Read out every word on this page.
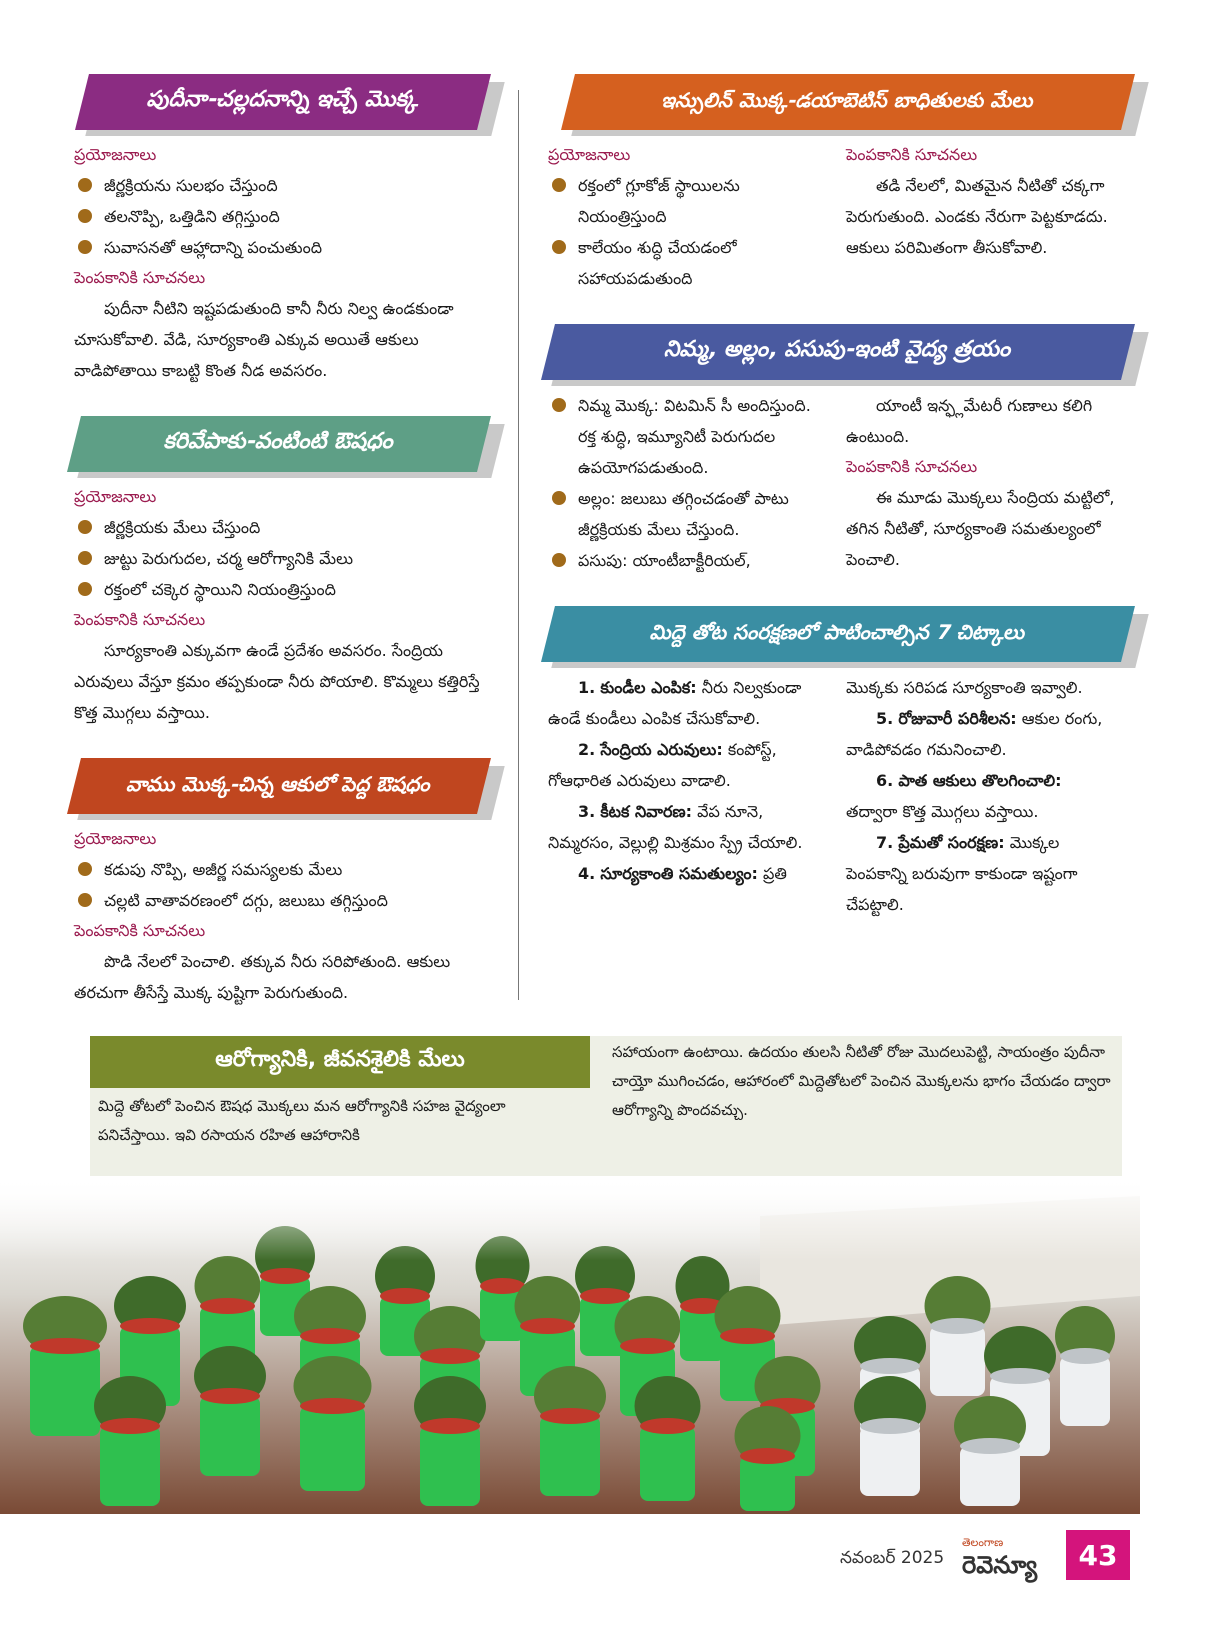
పుదీనా-చల్లదనాన్ని ఇచ్చే మొక్క
ప్రయోజనాలు
జీర్ణక్రియను సులభం చేస్తుంది
తలనొప్పి, ఒత్తిడిని తగ్గిస్తుంది
సువాసనతో ఆహ్లాదాన్ని పంచుతుంది
పెంపకానికి సూచనలు
పుదీనా నీటిని ఇష్టపడుతుంది కానీ నీరు నిల్వ ఉండకుండా చూసుకోవాలి. వేడి, సూర్యకాంతి ఎక్కువ అయితే ఆకులు వాడిపోతాయి కాబట్టి కొంత నీడ అవసరం.
కరివేపాకు-వంటింటి ఔషధం
ప్రయోజనాలు
జీర్ణక్రియకు మేలు చేస్తుంది
జుట్టు పెరుగుదల, చర్మ ఆరోగ్యానికి మేలు
రక్తంలో చక్కెర స్థాయిని నియంత్రిస్తుంది
పెంపకానికి సూచనలు
సూర్యకాంతి ఎక్కువగా ఉండే ప్రదేశం అవసరం. సేంద్రియ ఎరువులు వేస్తూ క్రమం తప్పకుండా నీరు పోయాలి. కొమ్మలు కత్తిరిస్తే కొత్త మొగ్గలు వస్తాయి.
వాము మొక్క-చిన్న ఆకులో పెద్ద ఔషధం
ప్రయోజనాలు
కడుపు నొప్పి, అజీర్ణ సమస్యలకు మేలు
చల్లటి వాతావరణంలో దగ్గు, జలుబు తగ్గిస్తుంది
పెంపకానికి సూచనలు
పొడి నేలలో పెంచాలి. తక్కువ నీరు సరిపోతుంది. ఆకులు తరచుగా తీసేస్తే మొక్క పుష్టిగా పెరుగుతుంది.
ఇన్సులిన్ మొక్క-డయాబెటిస్ బాధితులకు మేలు
ప్రయోజనాలు
రక్తంలో గ్లూకోజ్ స్థాయిలను నియంత్రిస్తుంది
కాలేయం శుద్ధి చేయడంలో సహాయపడుతుంది
పెంపకానికి సూచనలు
తడి నేలలో, మితమైన నీటితో చక్కగా పెరుగుతుంది. ఎండకు నేరుగా పెట్టకూడదు. ఆకులు పరిమితంగా తీసుకోవాలి.
నిమ్మ, అల్లం, పసుపు-ఇంటి వైద్య త్రయం
నిమ్మ మొక్క: విటమిన్ సీ అందిస్తుంది. రక్త శుద్ధి, ఇమ్యూనిటీ పెరుగుదల ఉపయోగపడుతుంది.
అల్లం: జలుబు తగ్గించడంతో పాటు జీర్ణక్రియకు మేలు చేస్తుంది.
పసుపు: యాంటీబాక్టీరియల్,
యాంటీ ఇన్ఫ్లమేటరీ గుణాలు కలిగి ఉంటుంది.
పెంపకానికి సూచనలు
ఈ మూడు మొక్కలు సేంద్రియ మట్టిలో, తగిన నీటితో, సూర్యకాంతి సమతుల్యంలో పెంచాలి.
మిద్దె తోట సంరక్షణలో పాటించాల్సిన 7 చిట్కాలు
1. కుండీల ఎంపిక: నీరు నిల్వకుండా ఉండే కుండీలు ఎంపిక చేసుకోవాలి.
2. సేంద్రియ ఎరువులు: కంపోస్ట్, గోఆధారిత ఎరువులు వాడాలి.
3. కీటక నివారణ: వేప నూనె, నిమ్మరసం, వెల్లుల్లి మిశ్రమం స్ప్రే చేయాలి.
4. సూర్యకాంతి సమతుల్యం: ప్రతి
మొక్కకు సరిపడ సూర్యకాంతి ఇవ్వాలి.
5. రోజువారీ పరిశీలన: ఆకుల రంగు, వాడిపోవడం గమనించాలి.
6. పాత ఆకులు తొలగించాలి: తద్వారా కొత్త మొగ్గలు వస్తాయి.
7. ప్రేమతో సంరక్షణ: మొక్కల పెంపకాన్ని బరువుగా కాకుండా ఇష్టంగా చేపట్టాలి.
ఆరోగ్యానికి, జీవనశైలికి మేలు
మిద్దె తోటలో పెంచిన ఔషధ మొక్కలు మన ఆరోగ్యానికి సహజ వైద్యంలా పనిచేస్తాయి. ఇవి రసాయన రహిత ఆహారానికి
సహాయంగా ఉంటాయి. ఉదయం తులసి నీటితో రోజు మొదలుపెట్టి, సాయంత్రం పుదీనా చాయ్తో ముగించడం, ఆహారంలో మిద్దెతోటలో పెంచిన మొక్కలను భాగం చేయడం ద్వారా ఆరోగ్యాన్ని పొందవచ్చు.
నవంబర్ 2025
తెలంగాణ
రెవెన్యూ 43
